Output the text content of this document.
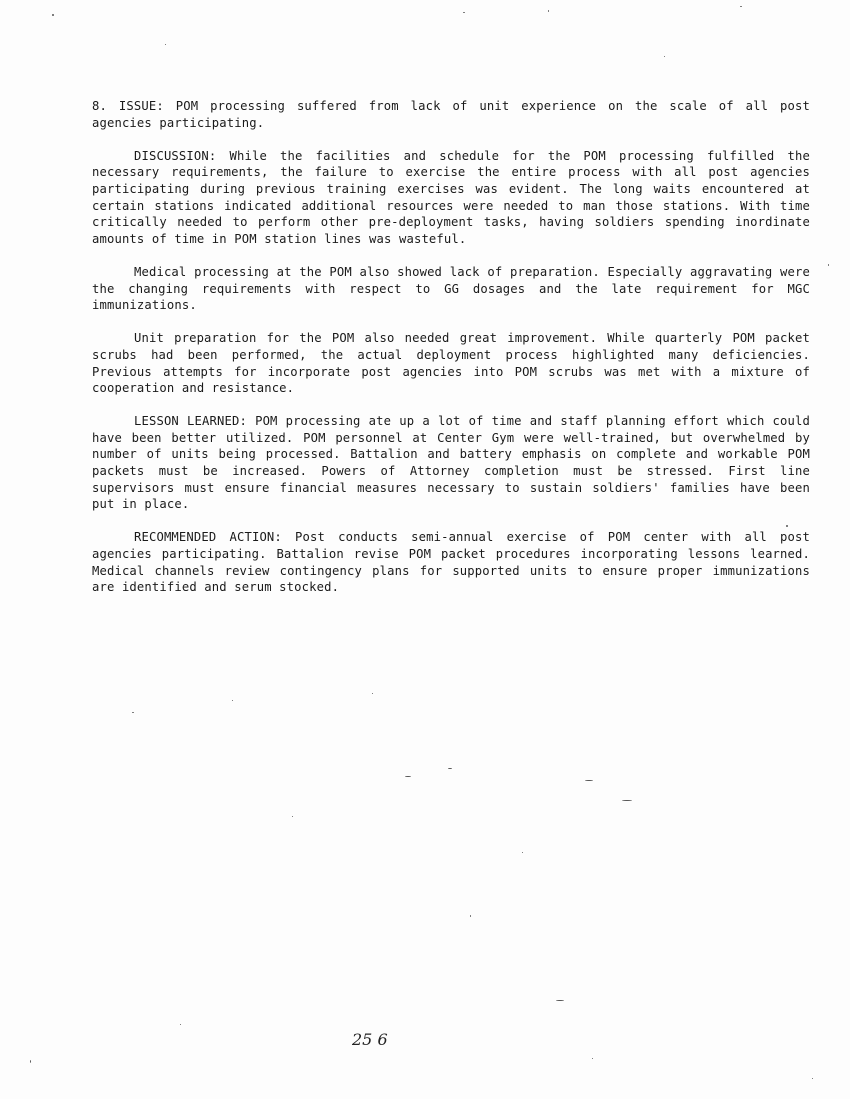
8. ISSUE: POM processing suffered from lack of unit experience on the scale of all post agencies participating.

DISCUSSION: While the facilities and schedule for the POM processing fulfilled the necessary requirements, the failure to exercise the entire process with all post agencies participating during previous training exercises was evident. The long waits encountered at certain stations indicated additional resources were needed to man those stations. With time critically needed to perform other pre-deployment tasks, having soldiers spending inordinate amounts of time in POM station lines was wasteful.

Medical processing at the POM also showed lack of preparation. Especially aggravating were the changing requirements with respect to GG dosages and the late requirement for MGC immunizations.

Unit preparation for the POM also needed great improvement. While quarterly POM packet scrubs had been performed, the actual deployment process highlighted many deficiencies. Previous attempts for incorporate post agencies into POM scrubs was met with a mixture of cooperation and resistance.

LESSON LEARNED: POM processing ate up a lot of time and staff planning effort which could have been better utilized. POM personnel at Center Gym were well-trained, but overwhelmed by number of units being processed. Battalion and battery emphasis on complete and workable POM packets must be increased. Powers of Attorney completion must be stressed. First line supervisors must ensure financial measures necessary to sustain soldiers' families have been put in place.

RECOMMENDED ACTION: Post conducts semi-annual exercise of POM center with all post agencies participating. Battalion revise POM packet procedures incorporating lessons learned. Medical channels review contingency plans for supported units to ensure proper immunizations are identified and serum stocked.

25 6
